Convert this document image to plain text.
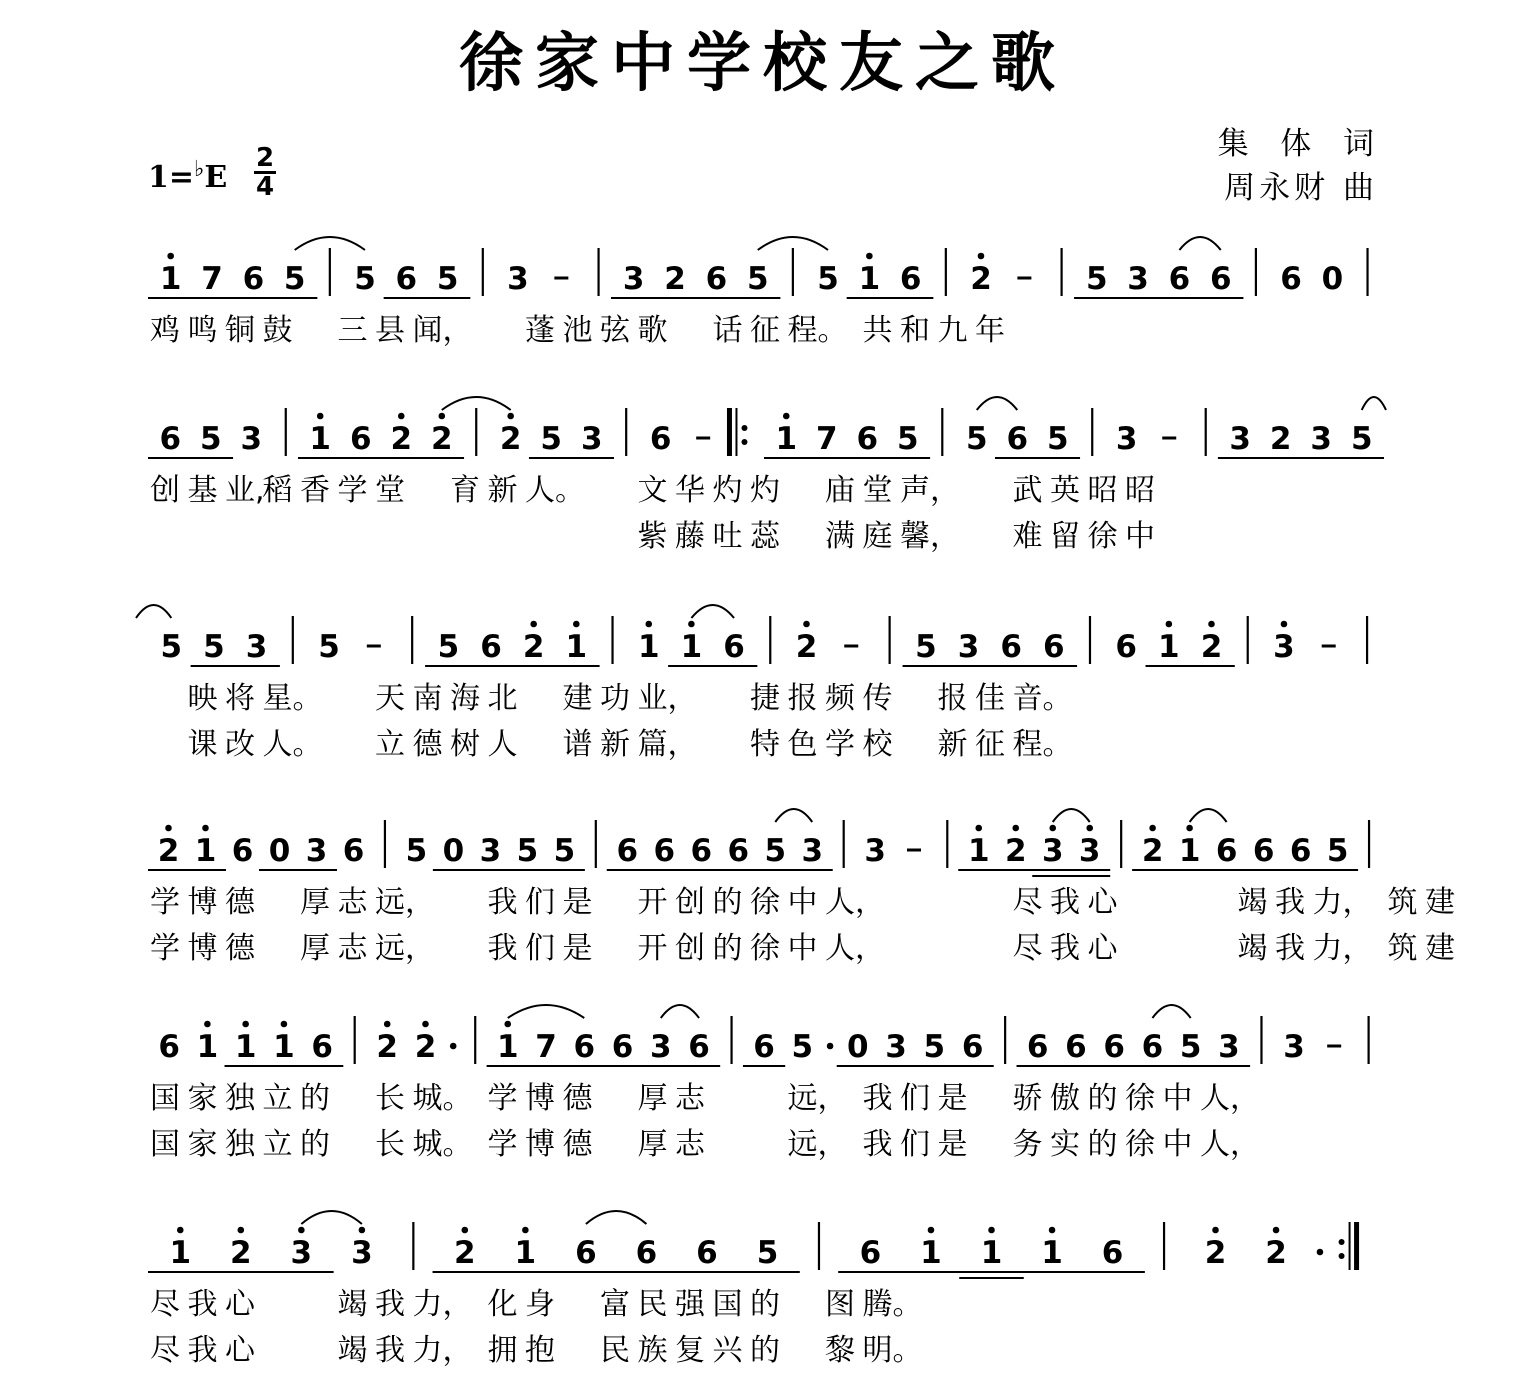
徐家中学校友之歌
集  体  词
周永财 曲
1=♭E
2
4
1 7 6 5 5 6 5 3	3 2 6 5 5 1 6 2	5 3 6 6 6 0
鸡 鸣 铜 鼓 三 县 闻， 蓬 池 弦 歌 话 征 程。 共 和 九 年
6 5 3 1 6 2 2 2 5 3 6	1 7 6 5 5 6 5 3	3 2 3 5
创 基 业,
稻 香 学 堂 育 新 人。 文 华 灼 灼 庙 堂 声， 武 英 昭 昭
紫 藤 吐 蕊 满 庭 馨， 难 留 徐 中
5 5 3 5	5 6 2 1 1 1 6 2	5 3 6 6 6 1 2 3
映 将 星。 天 南 海 北 建 功 业， 捷 报 频 传 报 佳 音。
课 改 人。 立 德 树 人 谱 新 篇， 特 色 学 校 新 征 程。
2 1 6 0 3 6 5 0 3 5 5 6 6 6 6 5 3 3	1 2 3 3 2 1 6 6 6 5
学 博 德 厚 志 远， 我 们 是 开 创 的 徐 中 人，	尽 我 心	竭 我 力， 筑 建
学 博 德 厚 志 远， 我 们 是 开 创 的 徐 中 人，	尽 我 心	竭 我 力， 筑 建
6 1 1 1 6 2 2 1 7 6 6 3 6 6 5 0 3 5 6 6 6 6 6 5 3 3
国 家 独 立 的 长 城。 学 博 德 厚 志	远， 我 们 是 骄 傲 的 徐 中 人，
国 家 独 立 的 长 城。 学 博 德 厚 志	远， 我 们 是 务 实 的 徐 中 人，
1 2 3 3	2 1 6 6 6 5	6 1 1 1 6	2 2
尽 我 心	竭 我 力， 化 身 富 民 强 国 的 图 腾。
尽 我 心	竭 我 力， 拥 抱 民 族 复 兴 的 黎 明。
